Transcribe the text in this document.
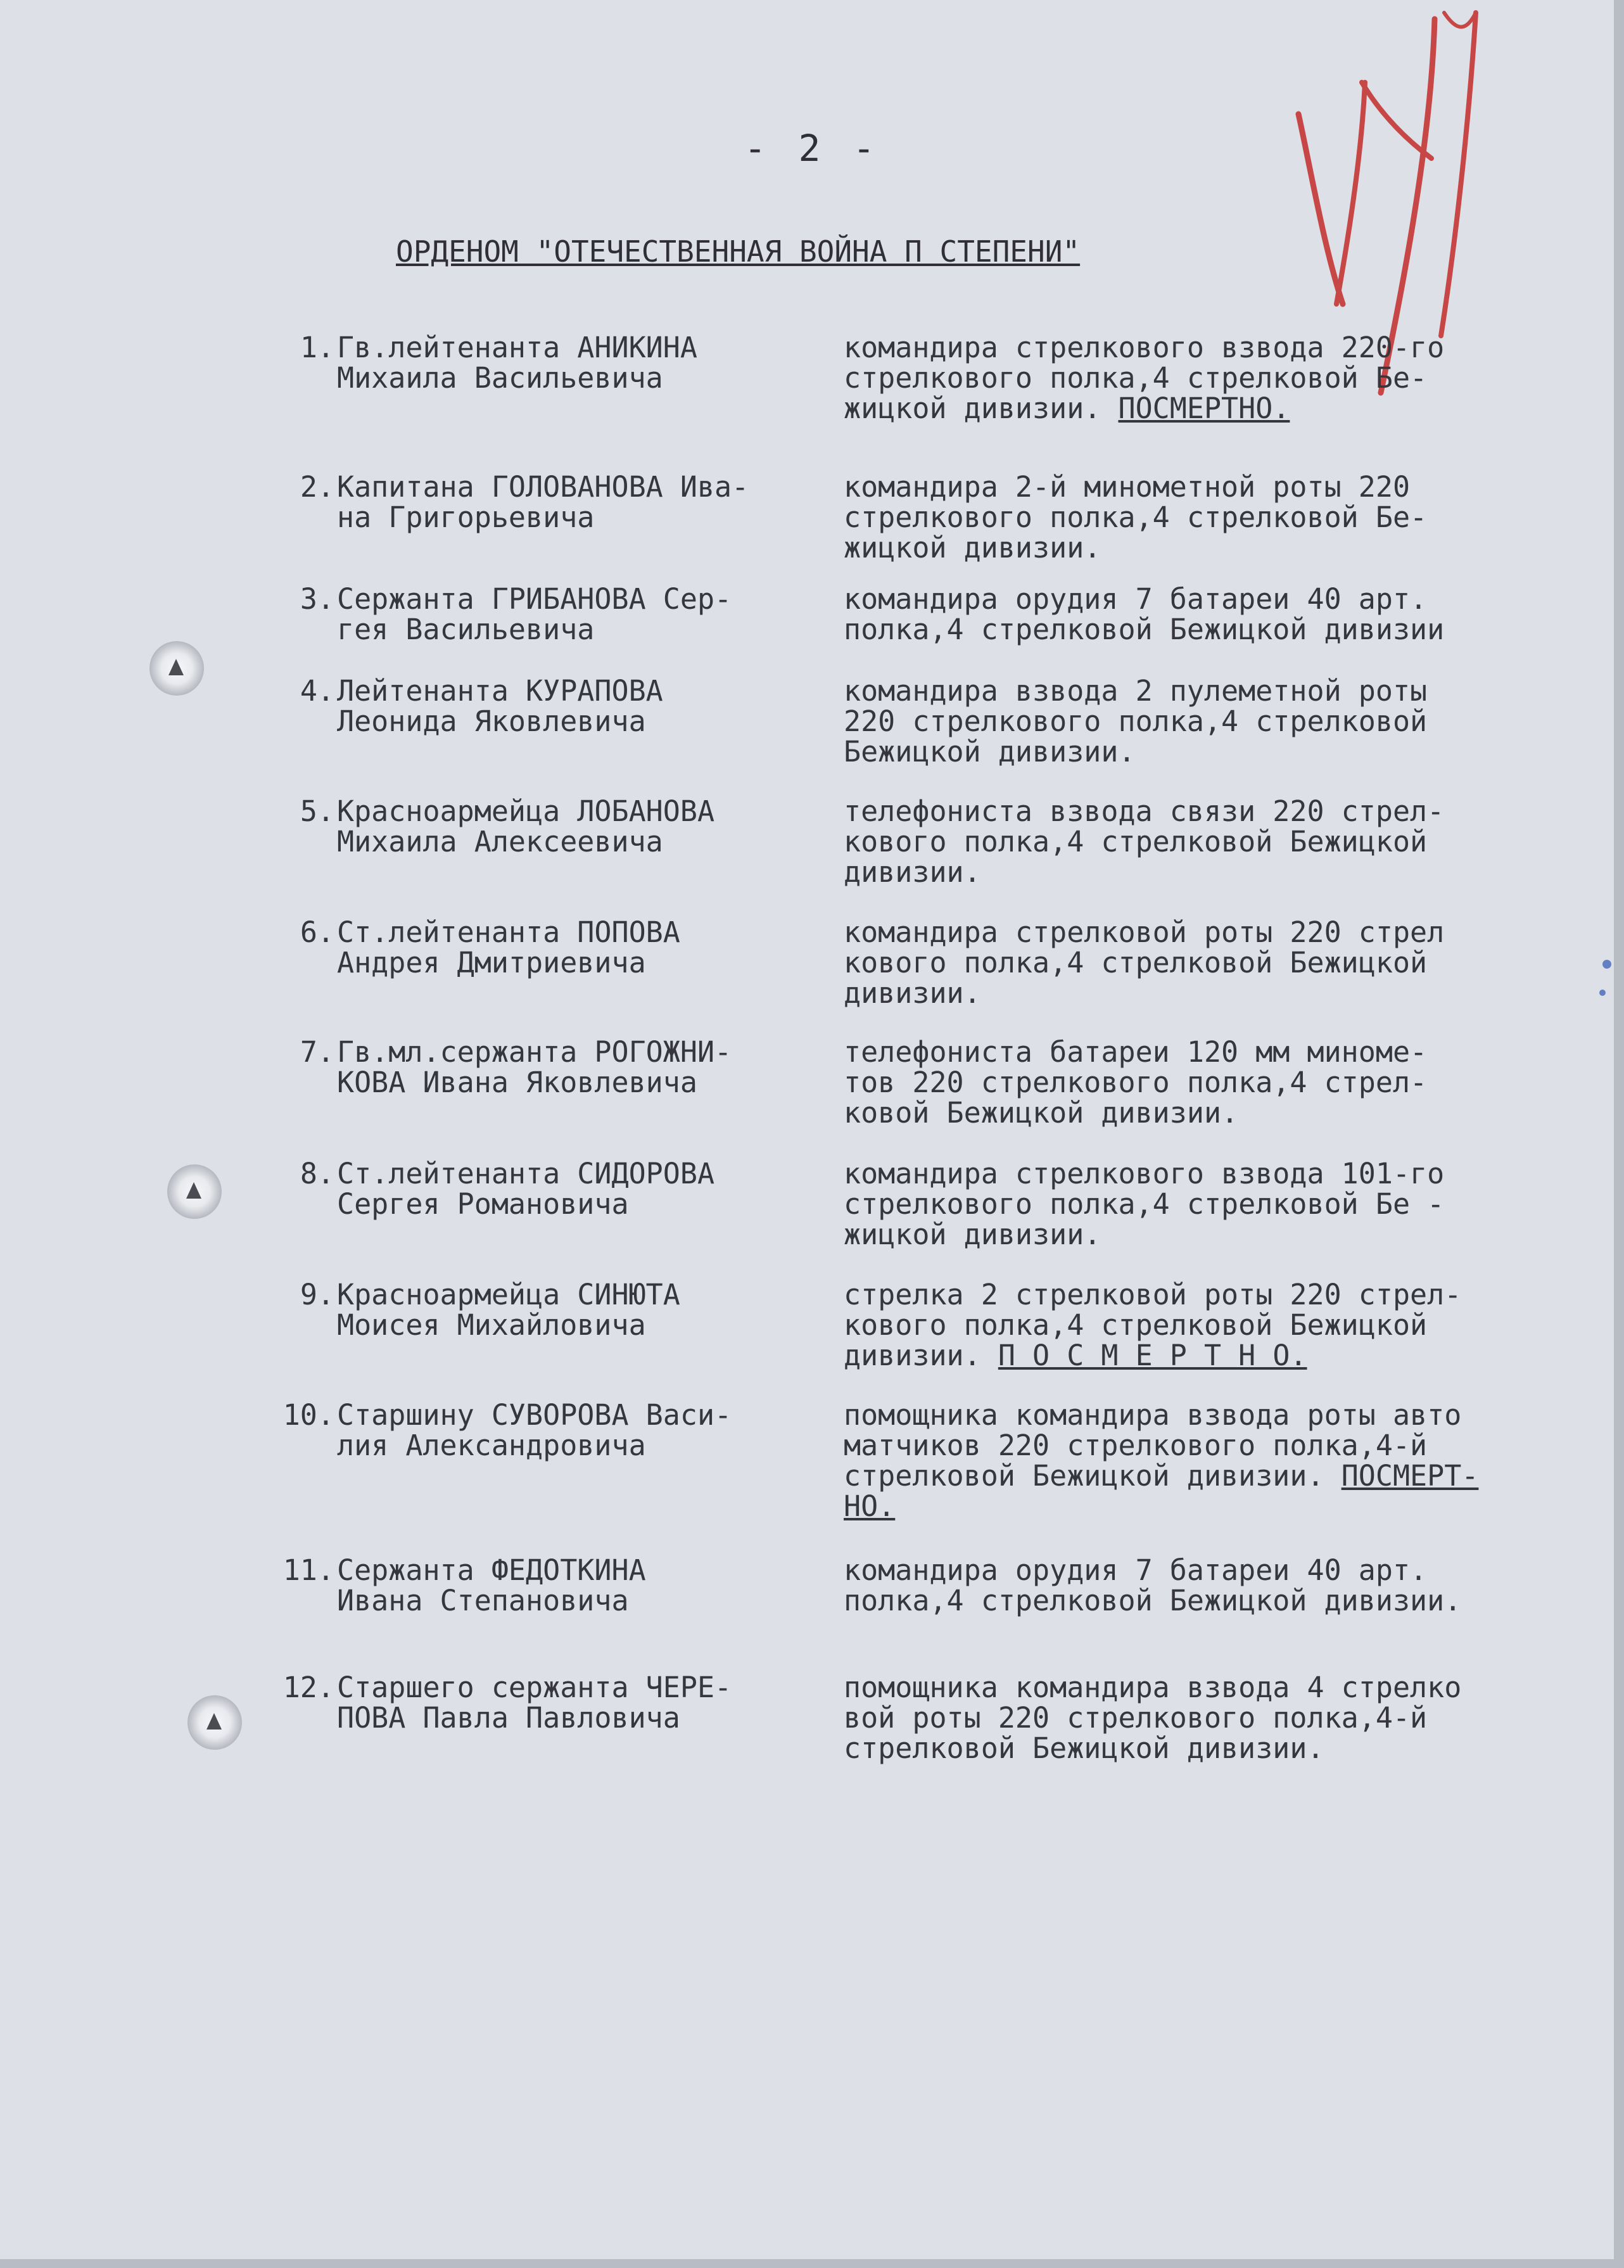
- 2 -
ОРДЕНОМ "ОТЕЧЕСТВЕННАЯ ВОЙНА П СТЕПЕНИ"
1. Гв.лейтенанта АНИКИНА
Михаила Васильевича
командира стрелкового взвода 220-го
стрелкового полка,4 стрелковой Бе-
жицкой дивизии. ПОСМЕРТНО.
2. Капитана ГОЛОВАНОВА Ива-
на Григорьевича
командира 2-й минометной роты 220
стрелкового полка,4 стрелковой Бе-
жицкой дивизии.
3. Сержанта ГРИБАНОВА Сер-
гея Васильевича
командира орудия 7 батареи 40 арт.
полка,4 стрелковой Бежицкой дивизии
4. Лейтенанта КУРАПОВА
Леонида Яковлевича
командира взвода 2 пулеметной роты
220 стрелкового полка,4 стрелковой
Бежицкой дивизии.
5. Красноармейца ЛОБАНОВА
Михаила Алексеевича
телефониста взвода связи 220 стрел-
кового полка,4 стрелковой Бежицкой
дивизии.
6. Ст.лейтенанта ПОПОВА
Андрея Дмитриевича
командира стрелковой роты 220 стрел
кового полка,4 стрелковой Бежицкой
дивизии.
7. Гв.мл.сержанта РОГОЖНИ-
КОВА Ивана Яковлевича
телефониста батареи 120 мм миноме-
тов 220 стрелкового полка,4 стрел-
ковой Бежицкой дивизии.
8. Ст.лейтенанта СИДОРОВА
Сергея Романовича
командира стрелкового взвода 101-го
стрелкового полка,4 стрелковой Бе -
жицкой дивизии.
9. Красноармейца СИНЮТА
Моисея Михайловича
стрелка 2 стрелковой роты 220 стрел-
кового полка,4 стрелковой Бежицкой
дивизии. П О С М Е Р Т Н О.
10. Старшину СУВОРОВА Васи-
лия Александровича
помощника командира взвода роты авто
матчиков 220 стрелкового полка,4-й
стрелковой Бежицкой дивизии. ПОСМЕРТ-
НО.
11. Сержанта ФЕДОТКИНА
Ивана Степановича
командира орудия 7 батареи 40 арт.
полка,4 стрелковой Бежицкой дивизии.
12. Старшего сержанта ЧЕРЕ-
ПОВА Павла Павловича
помощника командира взвода 4 стрелко
вой роты 220 стрелкового полка,4-й
стрелковой Бежицкой дивизии.
